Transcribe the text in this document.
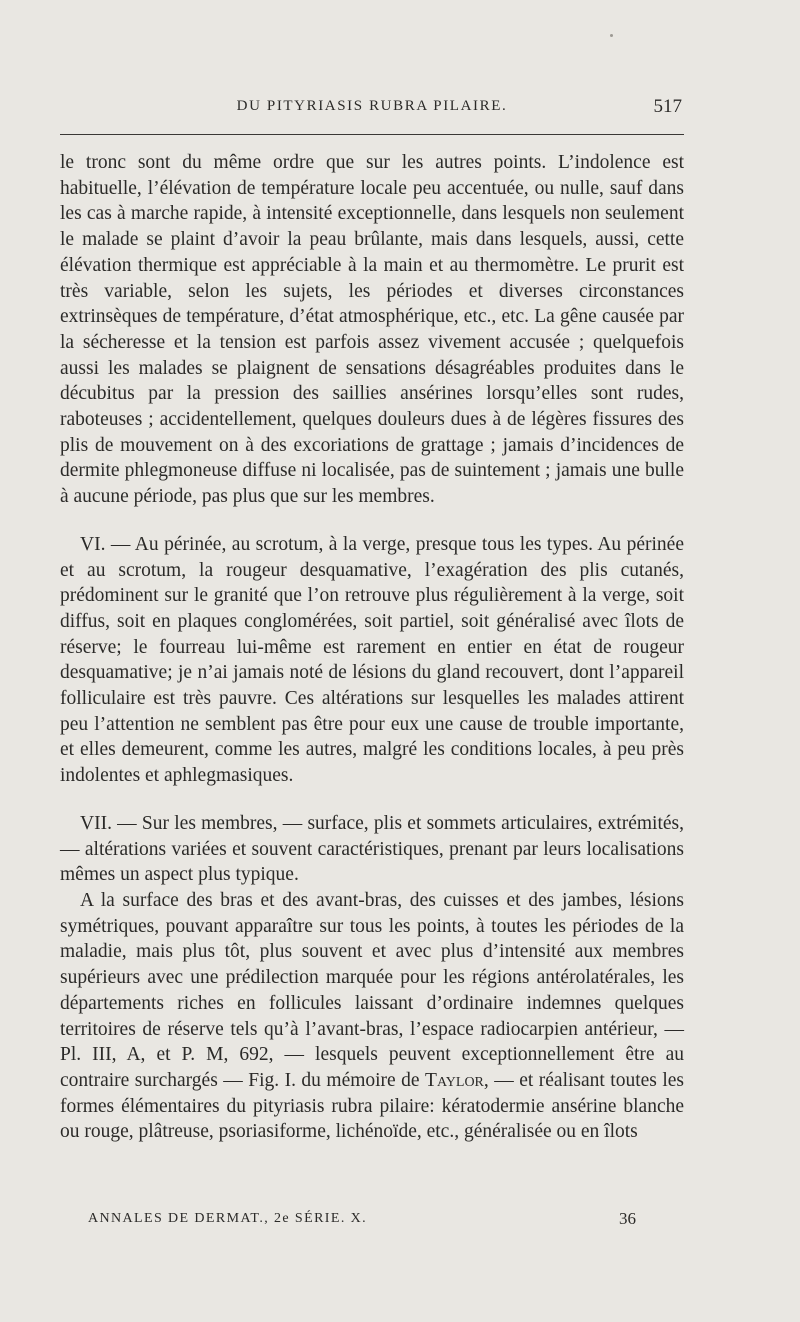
DU PITYRIASIS RUBRA PILAIRE.	517

le tronc sont du même ordre que sur les autres points. L’indolence est habituelle, l’élévation de température locale peu accentuée, ou nulle, sauf dans les cas à marche rapide, à intensité exceptionnelle, dans lesquels non seulement le malade se plaint d’avoir la peau brûlante, mais dans lesquels, aussi, cette élévation thermique est appréciable à la main et au thermomètre. Le prurit est très variable, selon les sujets, les périodes et diverses circonstances extrinsèques de température, d’état atmosphérique, etc., etc. La gêne causée par la sécheresse et la tension est parfois assez vivement accusée ; quelquefois aussi les malades se plaignent de sensations désagréables produites dans le décubitus par la pression des saillies ansérines lorsqu’elles sont rudes, raboteuses ; accidentellement, quelques douleurs dues à de légères fissures des plis de mouvement on à des excoriations de grattage ; jamais d’incidences de dermite phlegmoneuse diffuse ni localisée, pas de suintement ; jamais une bulle à aucune période, pas plus que sur les membres.

VI. — Au périnée, au scrotum, à la verge, presque tous les types. Au périnée et au scrotum, la rougeur desquamative, l’exagération des plis cutanés, prédominent sur le granité que l’on retrouve plus régulièrement à la verge, soit diffus, soit en plaques conglomérées, soit partiel, soit généralisé avec îlots de réserve; le fourreau lui-même est rarement en entier en état de rougeur desquamative; je n’ai jamais noté de lésions du gland recouvert, dont l’appareil folliculaire est très pauvre. Ces altérations sur lesquelles les malades attirent peu l’attention ne semblent pas être pour eux une cause de trouble importante, et elles demeurent, comme les autres, malgré les conditions locales, à peu près indolentes et aphlegmasiques.

VII. — Sur les membres, — surface, plis et sommets articulaires, extrémités, — altérations variées et souvent caractéristiques, prenant par leurs localisations mêmes un aspect plus typique.

A la surface des bras et des avant-bras, des cuisses et des jambes, lésions symétriques, pouvant apparaître sur tous les points, à toutes les périodes de la maladie, mais plus tôt, plus souvent et avec plus d’intensité aux membres supérieurs avec une prédilection marquée pour les régions antérolatérales, les départements riches en follicules laissant d’ordinaire indemnes quelques territoires de réserve tels qu’à l’avant-bras, l’espace radiocarpien antérieur, — Pl. III, A, et P. M, 692, — lesquels peuvent exceptionnellement être au contraire surchargés — Fig. I. du mémoire de Taylor, — et réalisant toutes les formes élémentaires du pityriasis rubra pilaire: kératodermie ansérine blanche ou rouge, plâtreuse, psoriasiforme, lichénoïde, etc., généralisée ou en îlots

ANNALES DE DERMAT., 2e SÉRIE. X.	36
